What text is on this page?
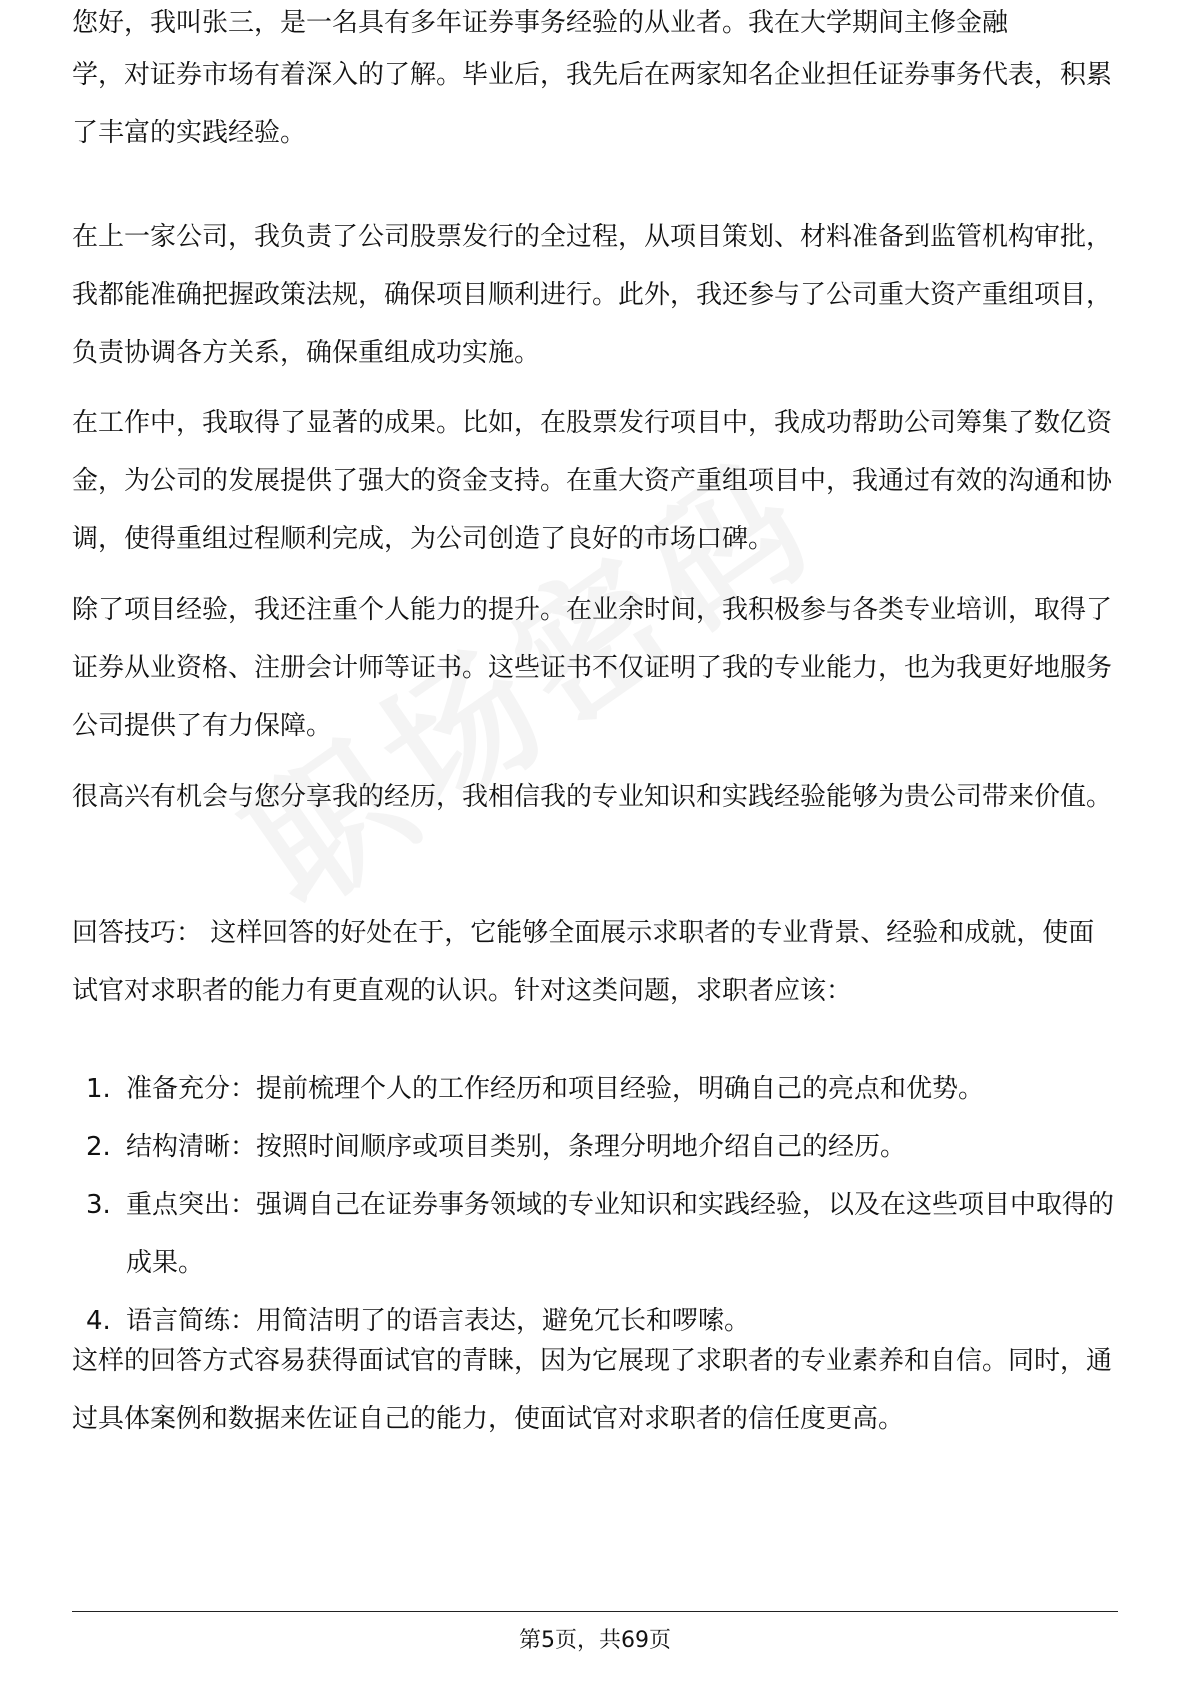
您好，我叫张三，是一名具有多年证券事务经验的从业者。我在大学期间主修金融

学，对证券市场有着深入的了解。毕业后，我先后在两家知名企业担任证券事务代表，积累了丰富的实践经验。

在上一家公司，我负责了公司股票发行的全过程，从项目策划、材料准备到监管机构审批，我都能准确把握政策法规，确保项目顺利进行。此外，我还参与了公司重大资产重组项目，负责协调各方关系，确保重组成功实施。

在工作中，我取得了显著的成果。比如，在股票发行项目中，我成功帮助公司筹集了数亿资金，为公司的发展提供了强大的资金支持。在重大资产重组项目中，我通过有效的沟通和协调，使得重组过程顺利完成，为公司创造了良好的市场口碑。

除了项目经验，我还注重个人能力的提升。在业余时间，我积极参与各类专业培训，取得了证券从业资格、注册会计师等证书。这些证书不仅证明了我的专业能力，也为我更好地服务公司提供了有力保障。

很高兴有机会与您分享我的经历，我相信我的专业知识和实践经验能够为贵公司带来价值。

回答技巧： 这样回答的好处在于，它能够全面展示求职者的专业背景、经验和成就，使面试官对求职者的能力有更直观的认识。针对这类问题，求职者应该：

1. 准备充分：提前梳理个人的工作经历和项目经验，明确自己的亮点和优势。
2. 结构清晰：按照时间顺序或项目类别，条理分明地介绍自己的经历。
3. 重点突出：强调自己在证券事务领域的专业知识和实践经验，以及在这些项目中取得的成果。
4. 语言简练：用简洁明了的语言表达，避免冗长和啰嗦。

这样的回答方式容易获得面试官的青睐，因为它展现了求职者的专业素养和自信。同时，通过具体案例和数据来佐证自己的能力，使面试官对求职者的信任度更高。

第5页，共69页
